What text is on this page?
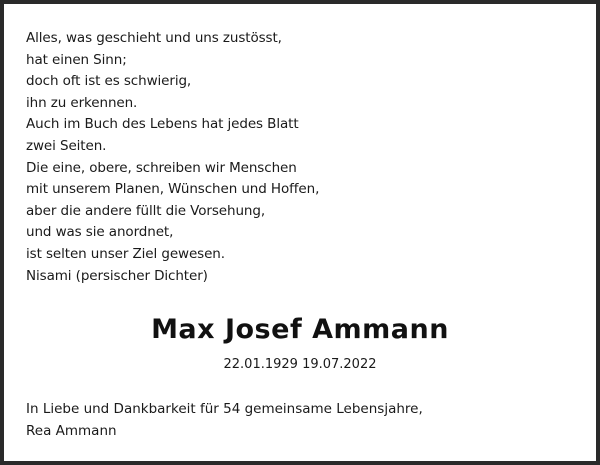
Alles, was geschieht und uns zustösst,
hat einen Sinn;
doch oft ist es schwierig,
ihn zu erkennen.
Auch im Buch des Lebens hat jedes Blatt
zwei Seiten.
Die eine, obere, schreiben wir Menschen
mit unserem Planen, Wünschen und Hoffen,
aber die andere füllt die Vorsehung,
und was sie anordnet,
ist selten unser Ziel gewesen.
Nisami (persischer Dichter)
Max Josef Ammann
22.01.1929 19.07.2022
In Liebe und Dankbarkeit für 54 gemeinsame Lebensjahre,
Rea Ammann
